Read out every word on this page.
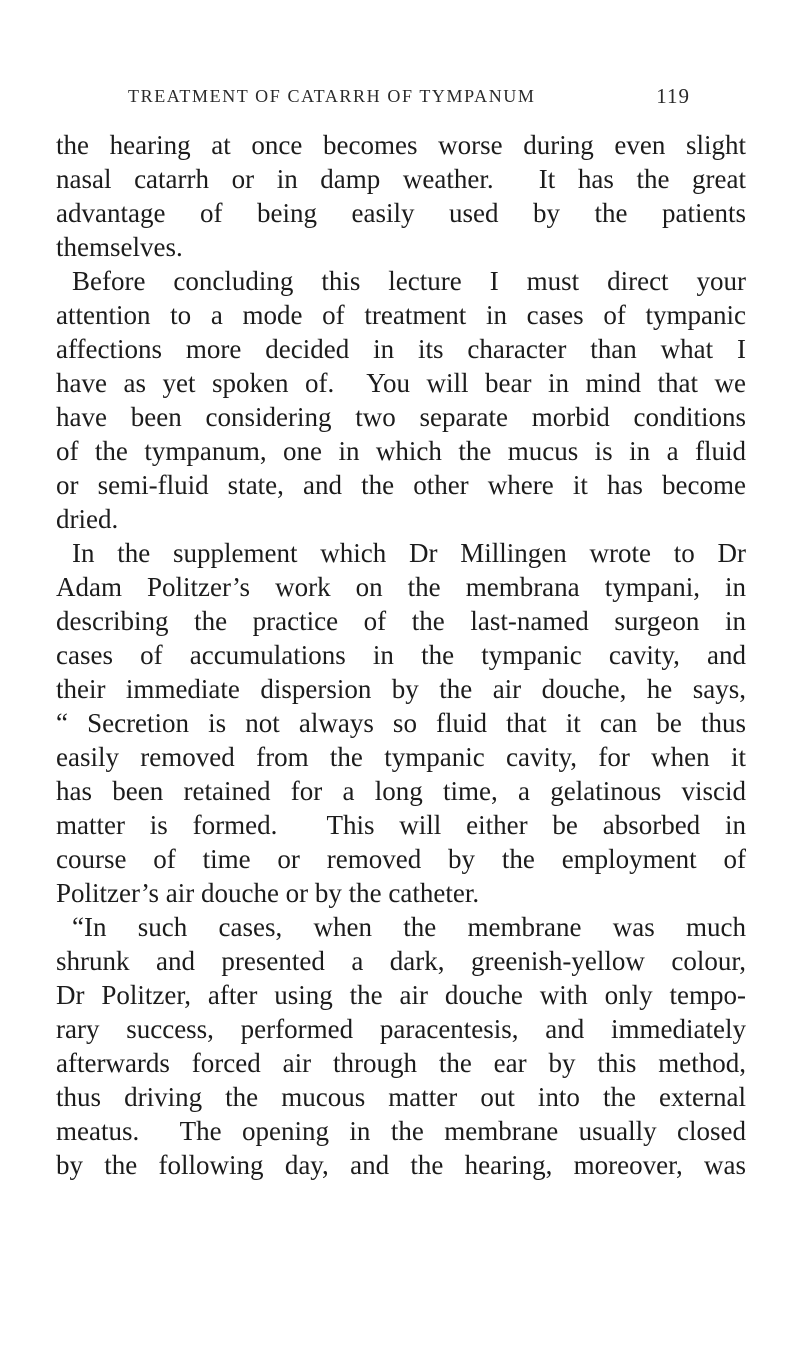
TREATMENT OF CATARRH OF TYMPANUM	119
the hearing at once becomes worse during even slight
nasal catarrh or in damp weather.  It has the great
advantage of being easily used by the patients
themselves.
Before concluding this lecture I must direct your
attention to a mode of treatment in cases of tympanic
affections more decided in its character than what I
have as yet spoken of.  You will bear in mind that we
have been considering two separate morbid conditions
of the tympanum, one in which the mucus is in a fluid
or semi-fluid state, and the other where it has become
dried.
In the supplement which Dr Millingen wrote to Dr
Adam Politzer’s work on the membrana tympani, in
describing the practice of the last-named surgeon in
cases of accumulations in the tympanic cavity, and
their immediate dispersion by the air douche, he says,
“ Secretion is not always so fluid that it can be thus
easily removed from the tympanic cavity, for when it
has been retained for a long time, a gelatinous viscid
matter is formed.  This will either be absorbed in
course of time or removed by the employment of
Politzer’s air douche or by the catheter.
“In such cases, when the membrane was much
shrunk and presented a dark, greenish-yellow colour,
Dr Politzer, after using the air douche with only tempo-
rary success, performed paracentesis, and immediately
afterwards forced air through the ear by this method,
thus driving the mucous matter out into the external
meatus.  The opening in the membrane usually closed
by the following day, and the hearing, moreover, was
